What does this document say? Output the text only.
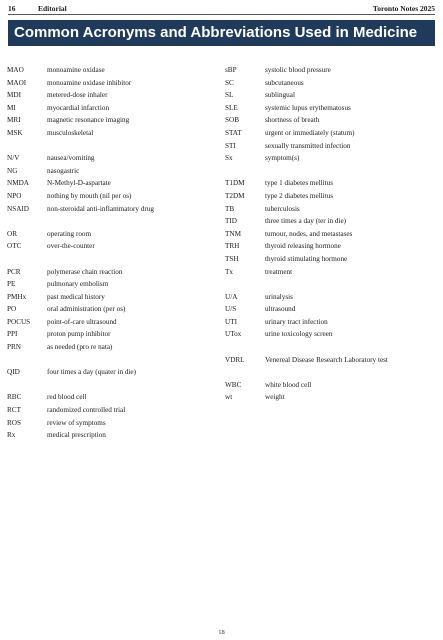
16	Editorial	Toronto Notes 2025
Common Acronyms and Abbreviations Used in Medicine
MAO	monoamine oxidase
MAOI	monoamine oxidase inhibitor
MDI	metered-dose inhaler
MI	myocardial infarction
MRI	magnetic resonance imaging
MSK	musculoskeletal
N/V	nausea/vomiting
NG	nasogastric
NMDA	N-Methyl-D-aspartate
NPO	nothing by mouth (nil per os)
NSAID	non-steroidal anti-inflammatory drug
OR	operating room
OTC	over-the-counter
PCR	polymerase chain reaction
PE	pulmonary embolism
PMHx	past medical history
PO	oral administration (per os)
POCUS point-of-care ultrasound
PPI	proton pump inhibitor
PRN	as needed (pro re nata)
QID	four times a day (quater in die)
RBC	red blood cell
RCT	randomized controlled trial
ROS	review of symptoms
Rx	medical prescription
sBP	systolic blood pressure
SC	subcutaneous
SL	sublingual
SLE	systemic lupus erythematosus
SOB	shortness of breath
STAT	urgent or immediately (statum)
STI	sexually transmitted infection
Sx	symptom(s)
T1DM	type 1 diabetes mellitus
T2DM	type 2 diabetes mellitus
TB	tuberculosis
TID	three times a day (ter in die)
TNM	tumour, nodes, and metastases
TRH	thyroid releasing hormone
TSH	thyroid stimulating hormone
Tx	treatment
U/A	urinalysis
U/S	ultrasound
UTI	urinary tract infection
UTox	urine toxicology screen
VDRL	Venereal Disease Research Laboratory test
WBC	white blood cell
wt	weight
18
